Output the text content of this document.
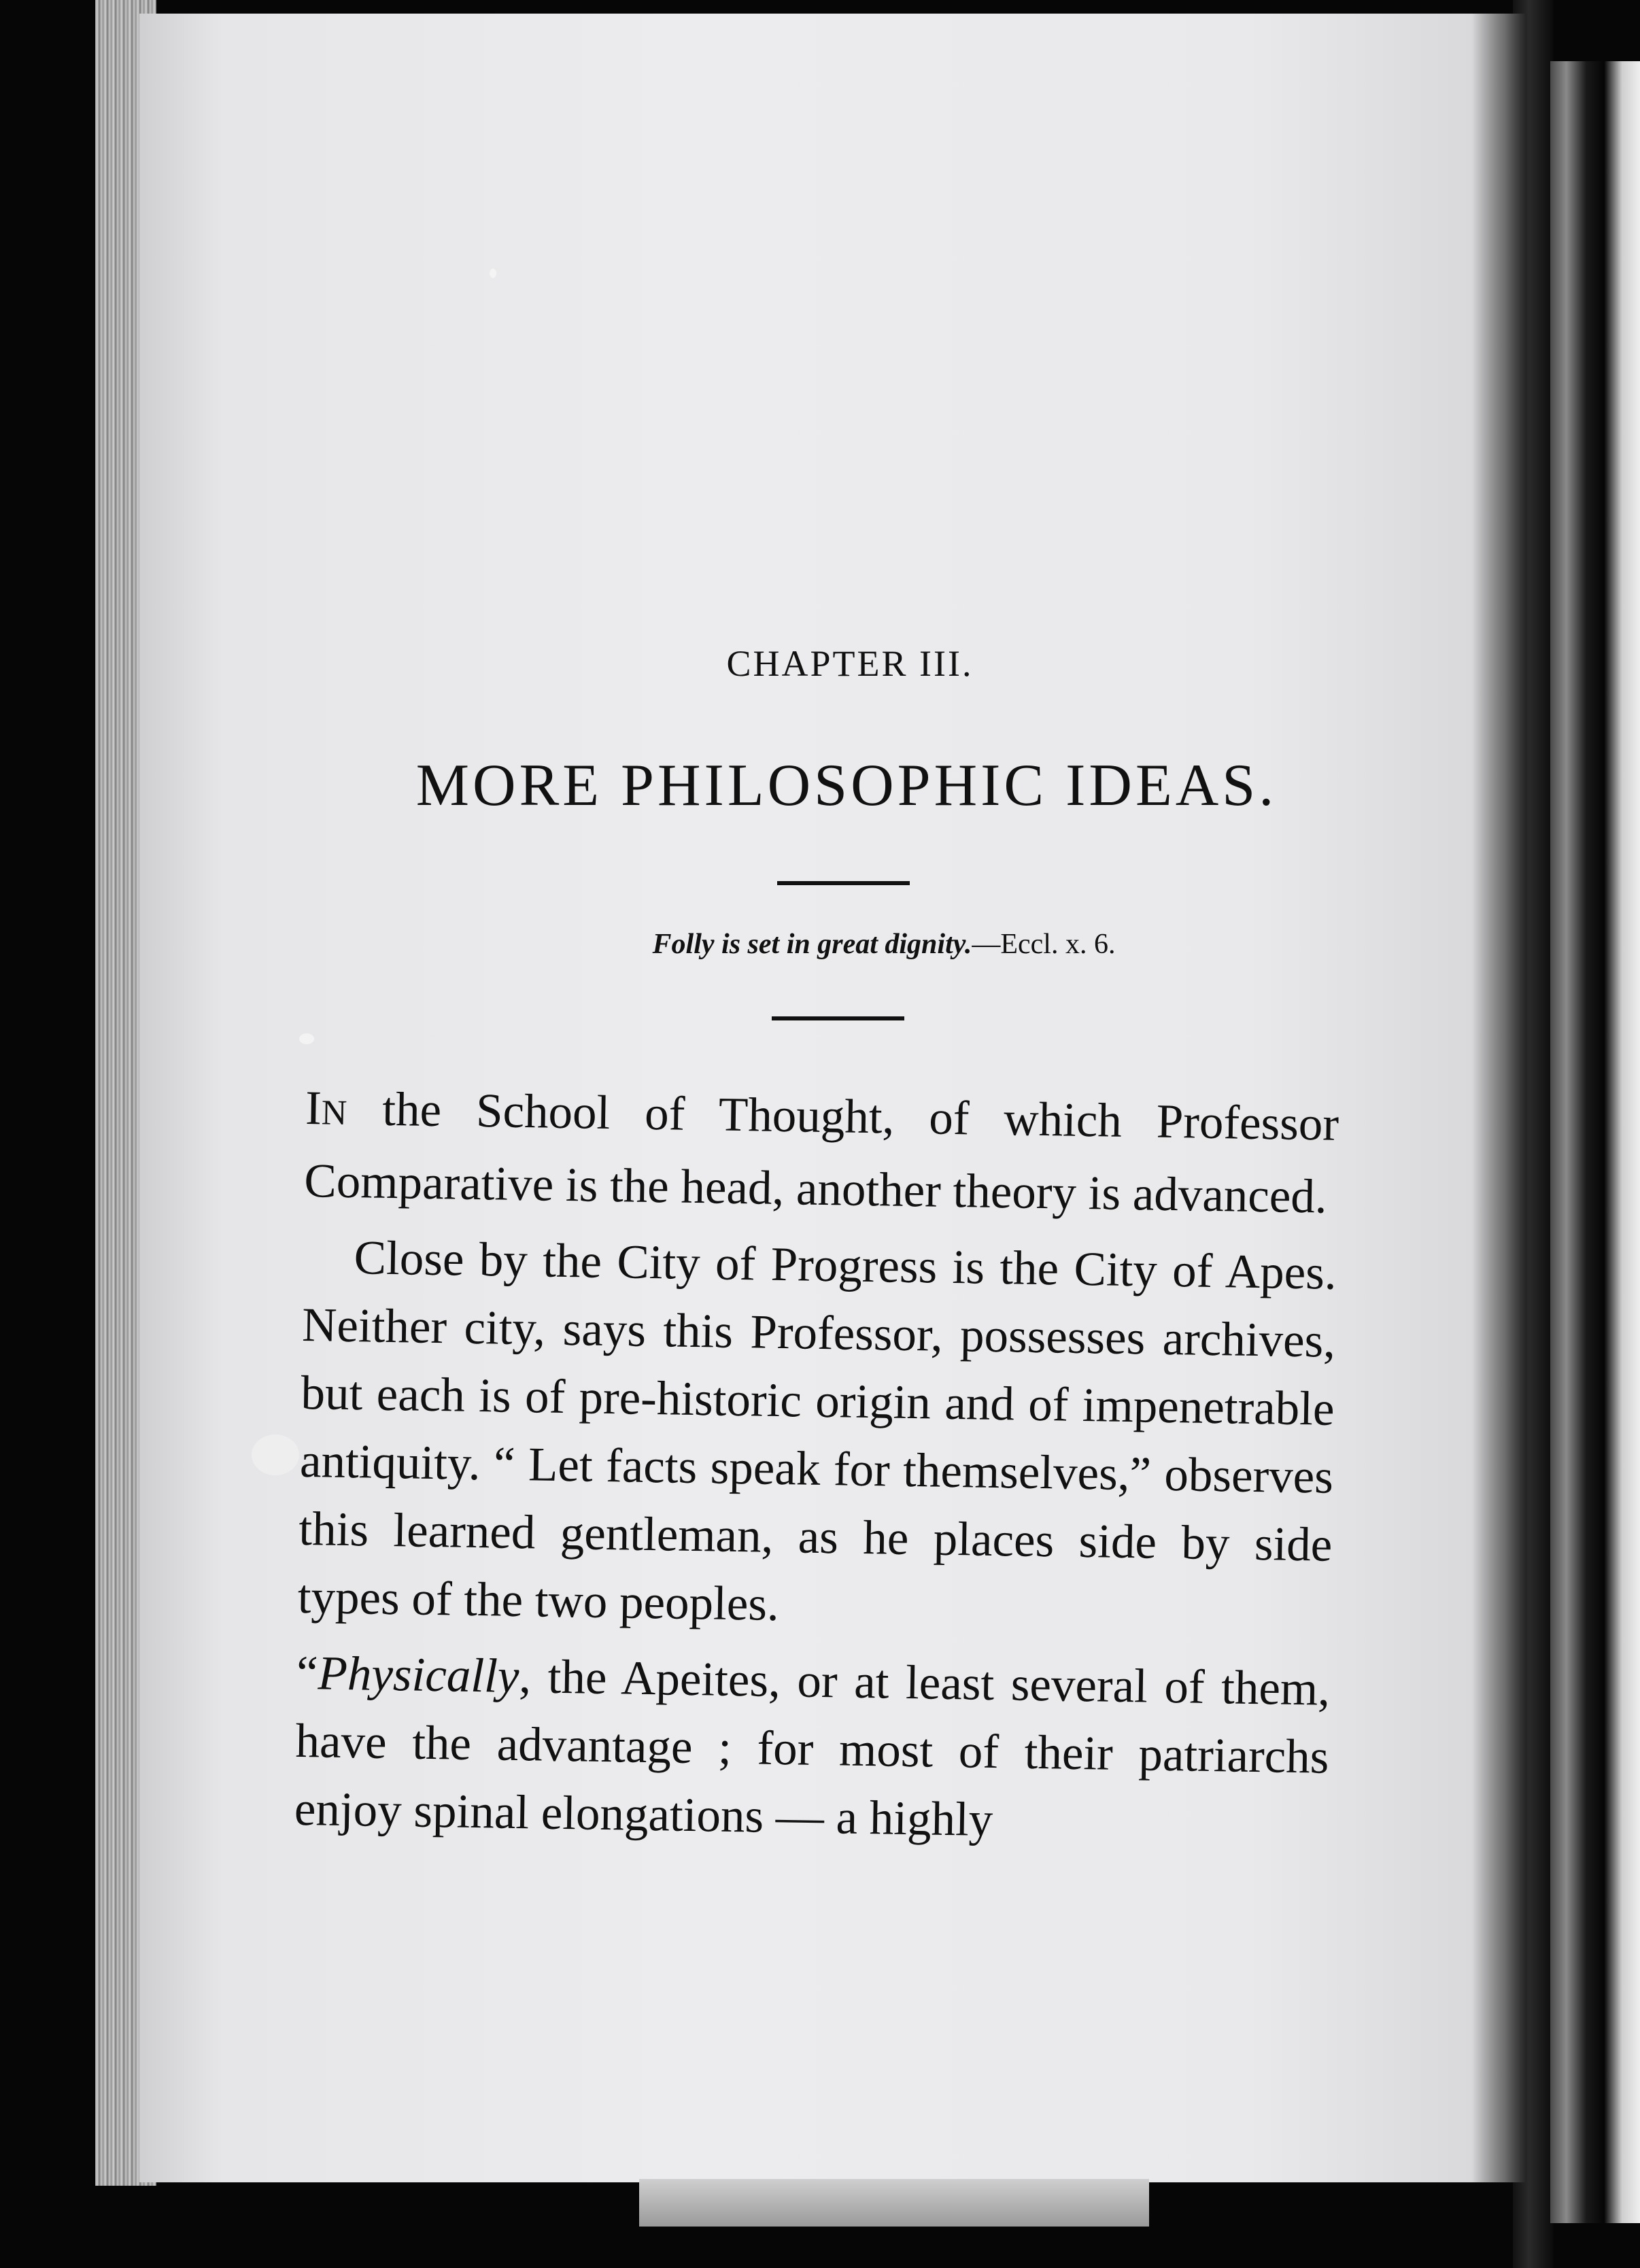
CHAPTER III.
MORE PHILOSOPHIC IDEAS.
Folly is set in great dignity.—Eccl. x. 6.

IN the School of Thought, of which Professor Comparative is the head, another theory is advanced.

Close by the City of Progress is the City of Apes. Neither city, says this Professor, possesses archives, but each is of pre-historic origin and of impenetrable antiquity. “ Let facts speak for themselves,” observes this learned gentleman, as he places side by side types of the two peoples.

“Physically, the Apeites, or at least several of them, have the advantage ; for most of their patriarchs enjoy spinal elongations — a highly
